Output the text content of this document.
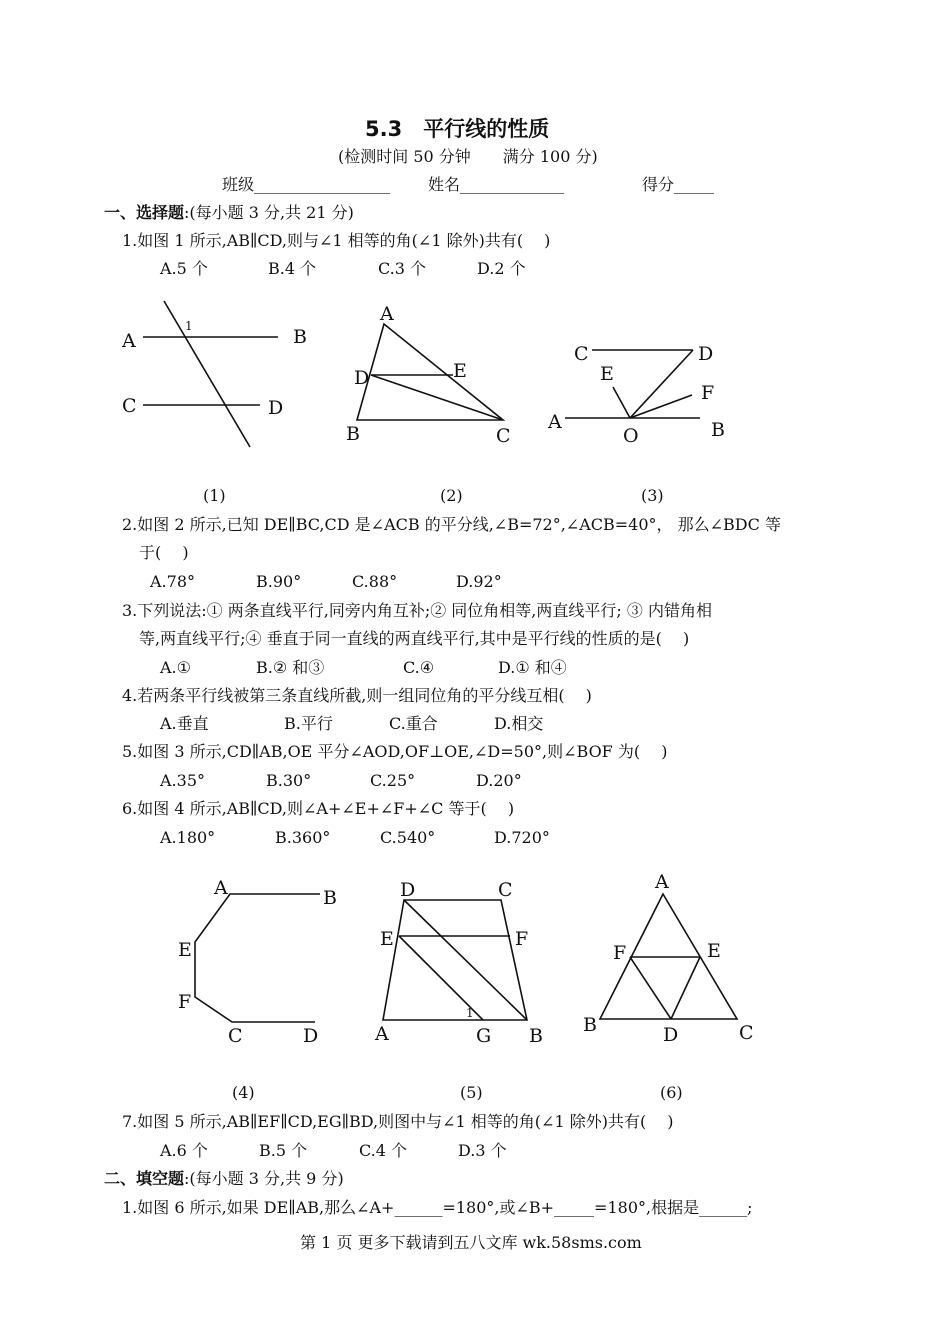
5.3　平行线的性质
(检测时间 50 分钟　　满分 100 分)
班级_________________ 姓名_____________	得分_____
一、选择题:(每小题 3 分,共 21 分)
1.如图 1 所示,AB∥CD,则与∠1 相等的角(∠1 除外)共有(　 )
A.5 个	B.4 个	C.3 个	D.2 个
A	B
C	D
1
A
D	E
B	C
C	D
E
F
A
O	B
(1)	(2)	(3)
2.如图 2 所示,已知 DE∥BC,CD 是∠ACB 的平分线,∠B=72°,∠ACB=40°， 那么∠BDC 等
于(　 )
A.78°	B.90°	C.88°	D.92°
3.下列说法:① 两条直线平行,同旁内角互补;② 同位角相等,两直线平行; ③ 内错角相
等,两直线平行;④ 垂直于同一直线的两直线平行,其中是平行线的性质的是(　 )
A.①	B.② 和③	C.④	D.① 和④
4.若两条平行线被第三条直线所截,则一组同位角的平分线互相(　 )
A.垂直	B.平行	C.重合	D.相交
5.如图 3 所示,CD∥AB,OE 平分∠AOD,OF⊥OE,∠D=50°,则∠BOF 为(　 )
A.35°	B.30°	C.25°	D.20°
6.如图 4 所示,AB∥CD,则∠A+∠E+∠F+∠C 等于(　 )
A.180°	B.360°	C.540°	D.720°
A	B
E
F
C	D
D	C
E	F
A
1
G B
A
F	E
B	D	C
(4)	(5)	(6)
7.如图 5 所示,AB∥EF∥CD,EG∥BD,则图中与∠1 相等的角(∠1 除外)共有(　 )
A.6 个	B.5 个	C.4 个	D.3 个
二、填空题:(每小题 3 分,共 9 分)
1.如图 6 所示,如果 DE∥AB,那么∠A+______=180°,或∠B+_____=180°,根据是______;
第 1 页 更多下载请到五八文库 wk.58sms.com
